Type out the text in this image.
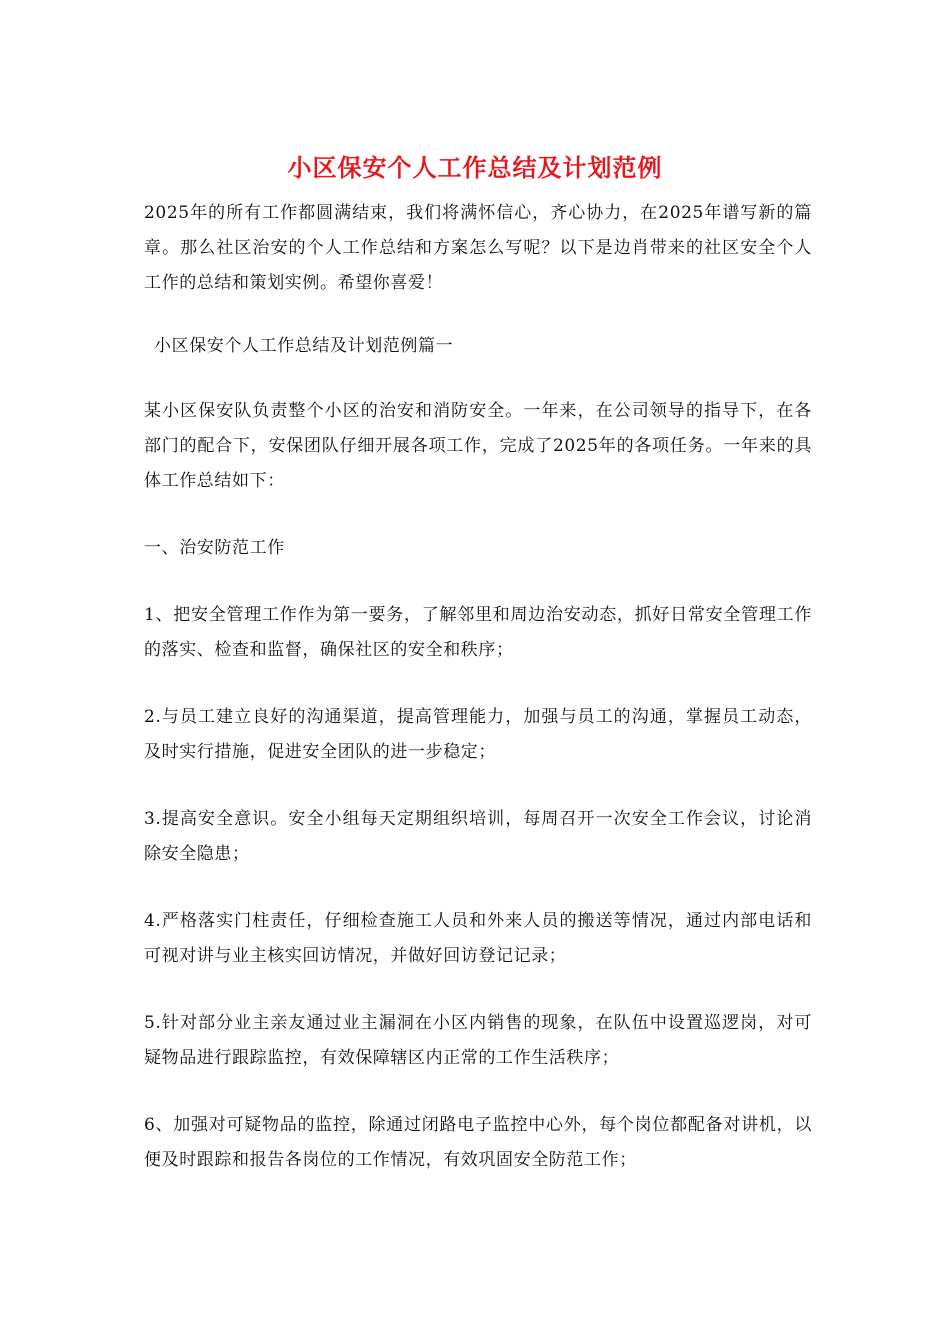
小区保安个人工作总结及计划范例

2025年的所有工作都圆满结束，我们将满怀信心，齐心协力，在2025年谱写新的篇章。那么社区治安的个人工作总结和方案怎么写呢？以下是边肖带来的社区安全个人工作的总结和策划实例。希望你喜爱！

小区保安个人工作总结及计划范例篇一

某小区保安队负责整个小区的治安和消防安全。一年来，在公司领导的指导下，在各部门的配合下，安保团队仔细开展各项工作，完成了2025年的各项任务。一年来的具体工作总结如下：

一、治安防范工作

1、把安全管理工作作为第一要务，了解邻里和周边治安动态，抓好日常安全管理工作的落实、检查和监督，确保社区的安全和秩序；

2.与员工建立良好的沟通渠道，提高管理能力，加强与员工的沟通，掌握员工动态，及时实行措施，促进安全团队的进一步稳定；

3.提高安全意识。安全小组每天定期组织培训，每周召开一次安全工作会议，讨论消除安全隐患；

4.严格落实门柱责任，仔细检查施工人员和外来人员的搬送等情况，通过内部电话和可视对讲与业主核实回访情况，并做好回访登记记录；

5.针对部分业主亲友通过业主漏洞在小区内销售的现象，在队伍中设置巡逻岗，对可疑物品进行跟踪监控，有效保障辖区内正常的工作生活秩序；

6、加强对可疑物品的监控，除通过闭路电子监控中心外，每个岗位都配备对讲机，以便及时跟踪和报告各岗位的工作情况，有效巩固安全防范工作；
